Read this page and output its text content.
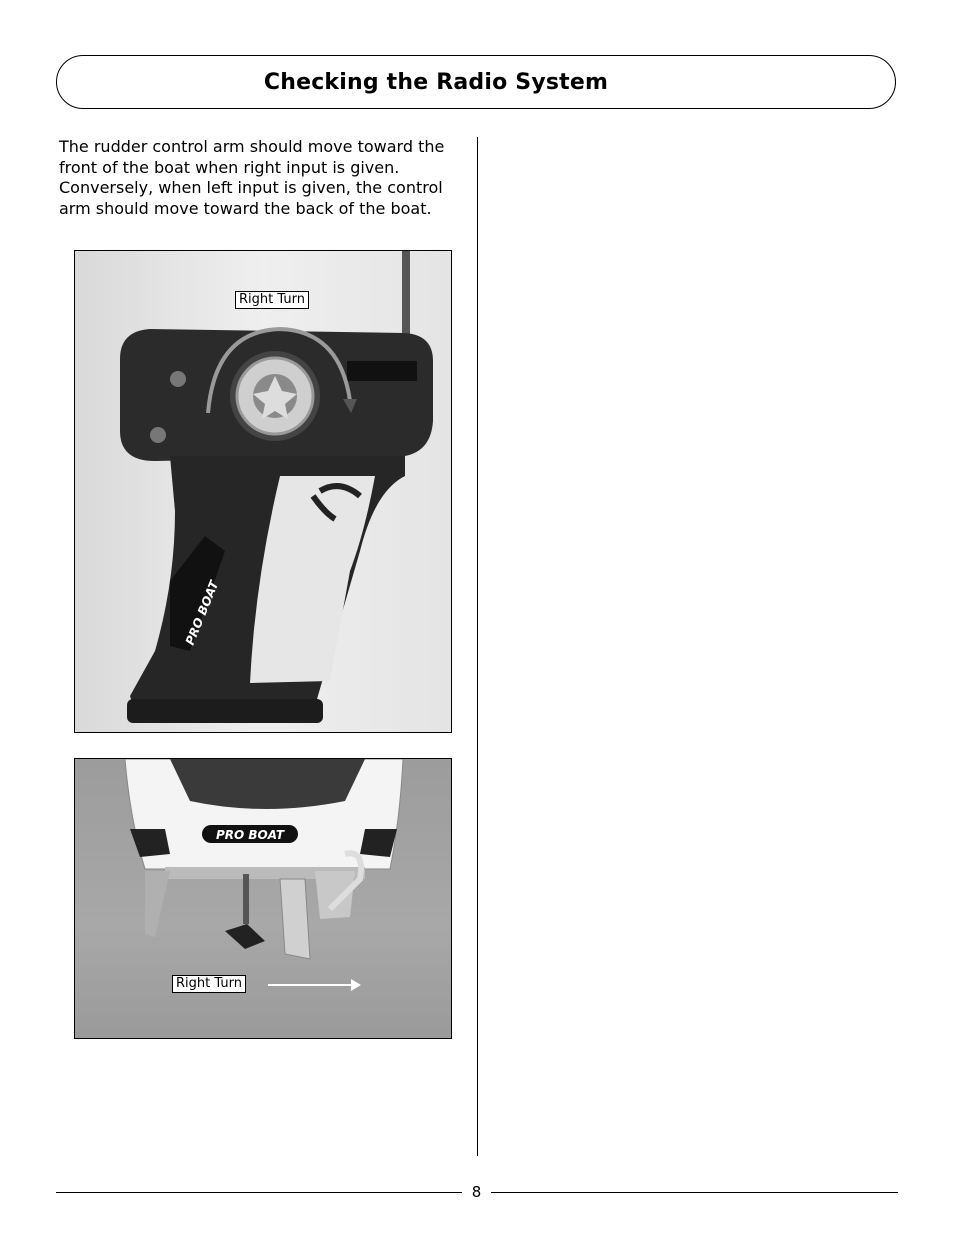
Checking the Radio System

The rudder control arm should move toward the front of the boat when right input is given. Conversely, when left input is given, the control arm should move toward the back of the boat.

PRO BOAT
Right Turn
PRO BOAT
Right Turn
8
